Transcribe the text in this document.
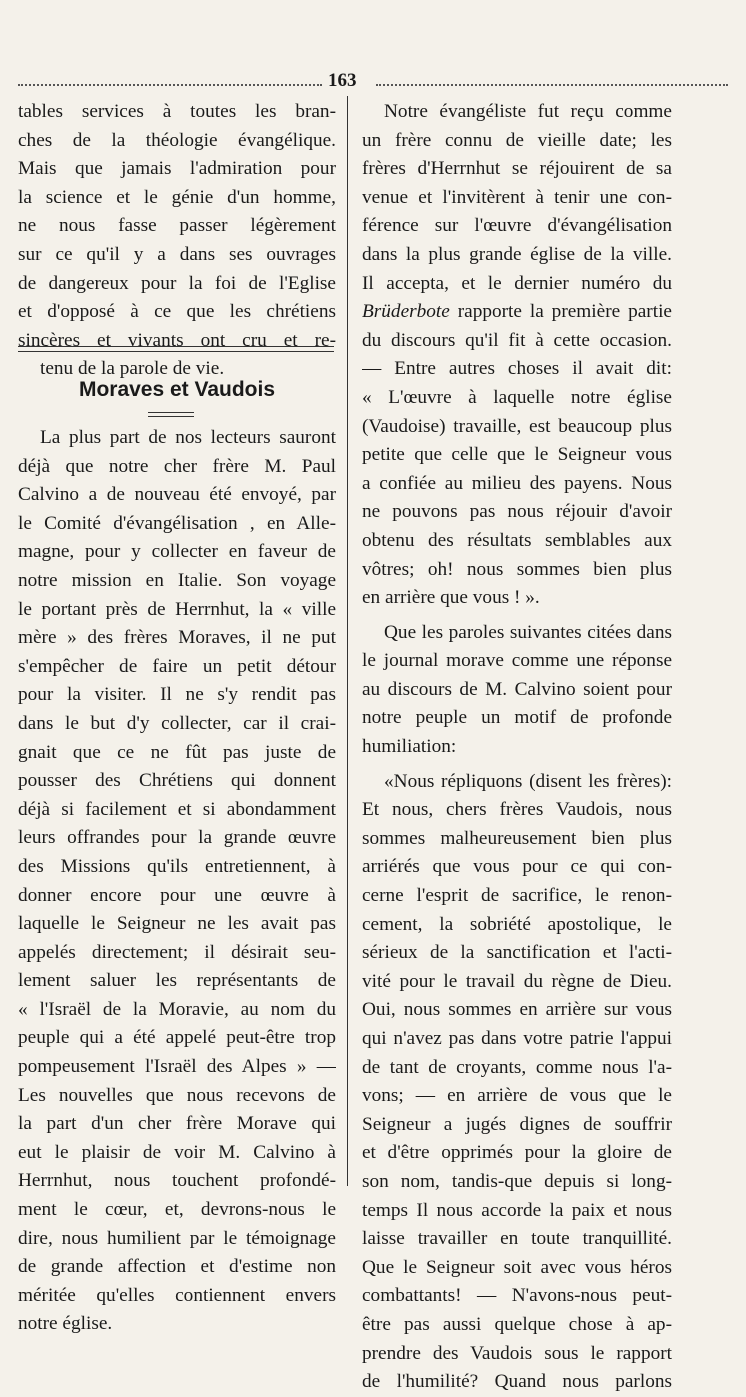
163
tables services à toutes les bran-
ches de la théologie évangélique.
Mais que jamais l'admiration pour
la science et le génie d'un homme,
ne nous fasse passer légèrement
sur ce qu'il y a dans ses ouvrages
de dangereux pour la foi de l'Eglise
et d'opposé à ce que les chrétiens
sincères et vivants ont cru et re-
tenu de la parole de vie.
Moraves et Vaudois
La plus part de nos lecteurs sauront
déjà que notre cher frère M. Paul
Calvino a de nouveau été envoyé, par
le Comité d'évangélisation , en Alle-
magne, pour y collecter en faveur de
notre mission en Italie. Son voyage
le portant près de Herrnhut, la « ville
mère » des frères Moraves, il ne put
s'empêcher de faire un petit détour
pour la visiter. Il ne s'y rendit pas
dans le but d'y collecter, car il crai-
gnait que ce ne fût pas juste de
pousser des Chrétiens qui donnent
déjà si facilement et si abondamment
leurs offrandes pour la grande œuvre
des Missions qu'ils entretiennent, à
donner encore pour une œuvre à
laquelle le Seigneur ne les avait pas
appelés directement; il désirait seu-
lement saluer les représentants de
« l'Israël de la Moravie, au nom du
peuple qui a été appelé peut-être trop
pompeusement l'Israël des Alpes » —
Les nouvelles que nous recevons de
la part d'un cher frère Morave qui
eut le plaisir de voir M. Calvino à
Herrnhut, nous touchent profondé-
ment le cœur, et, devrons-nous le
dire, nous humilient par le témoignage
de grande affection et d'estime non
méritée qu'elles contiennent envers
notre église.
Notre évangéliste fut reçu comme
un frère connu de vieille date; les
frères d'Herrnhut se réjouirent de sa
venue et l'invitèrent à tenir une con-
férence sur l'œuvre d'évangélisation
dans la plus grande église de la ville.
Il accepta, et le dernier numéro du
Brüderbote rapporte la première partie
du discours qu'il fit à cette occasion.
— Entre autres choses il avait dit:
« L'œuvre à laquelle notre église
(Vaudoise) travaille, est beaucoup plus
petite que celle que le Seigneur vous
a confiée au milieu des payens. Nous
ne pouvons pas nous réjouir d'avoir
obtenu des résultats semblables aux
vôtres; oh! nous sommes bien plus
en arrière que vous ! ».
Que les paroles suivantes citées dans
le journal morave comme une réponse
au discours de M. Calvino soient pour
notre peuple un motif de profonde
humiliation:
«Nous répliquons (disent les frères):
Et nous, chers frères Vaudois, nous
sommes malheureusement bien plus
arriérés que vous pour ce qui con-
cerne l'esprit de sacrifice, le renon-
cement, la sobriété apostolique, le
sérieux de la sanctification et l'acti-
vité pour le travail du règne de Dieu.
Oui, nous sommes en arrière sur vous
qui n'avez pas dans votre patrie l'appui
de tant de croyants, comme nous l'a-
vons; — en arrière de vous que le
Seigneur a jugés dignes de souffrir
et d'être opprimés pour la gloire de
son nom, tandis-que depuis si long-
temps Il nous accorde la paix et nous
laisse travailler en toute tranquillité.
Que le Seigneur soit avec vous héros
combattants! — N'avons-nous peut-
être pas aussi quelque chose à ap-
prendre des Vaudois sous le rapport
de l'humilité? Quand nous parlons
